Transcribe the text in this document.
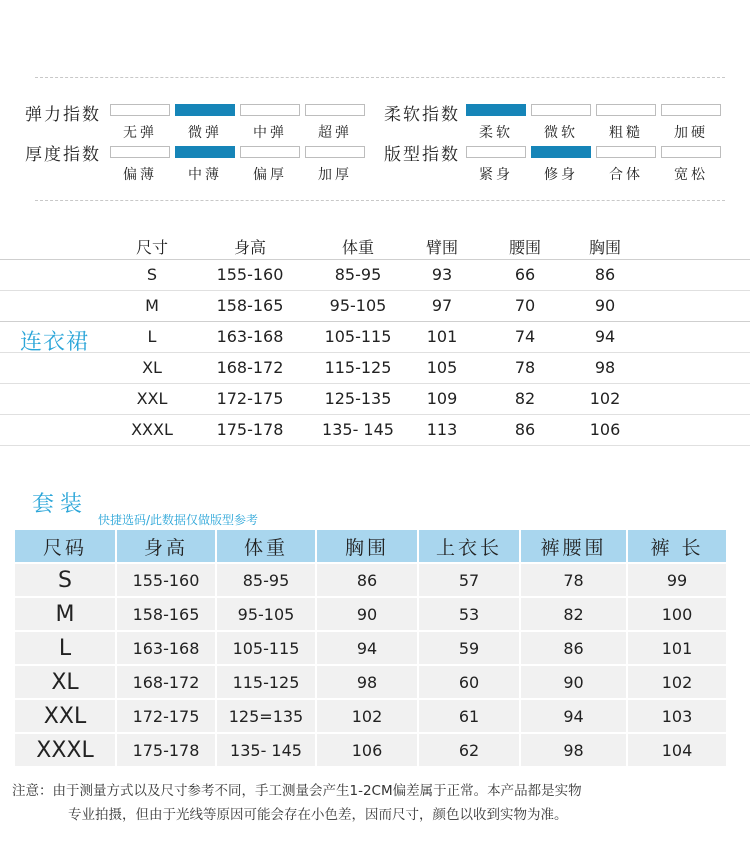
弹力指数
无弹	微弹	中弹	超弹
厚度指数
偏薄	中薄	偏厚	加厚
柔软指数
柔软	微软	粗糙	加硬
版型指数
紧身	修身	合体	宽松
尺寸	身高	体重	臂围	腰围	胸围
S	155-160	85-95	93	66	86
M	158-165	95-105	97	70	90
L	163-168	105-115	101	74	94
XL	168-172	115-125	105	78	98
XXL	172-175	125-135	109	82	102
XXXL	175-178	135- 145	113	86	106
连衣裙
套装
快捷选码/此数据仅做版型参考
尺码	身高	体重	胸围	上衣长	裤腰围	裤 长
S	155-160	85-95	86	57	78	99
M	158-165	95-105	90	53	82	100
L	163-168	105-115	94	59	86	101
XL	168-172	115-125	98	60	90	102
XXL	172-175	125=135	102	61	94	103
XXXL	175-178	135- 145	106	62	98	104
注意：由于测量方式以及尺寸参考不同，手工测量会产生1-2CM偏差属于正常。本产品都是实物
专业拍摄，但由于光线等原因可能会存在小色差，因而尺寸，颜色以收到实物为准。
